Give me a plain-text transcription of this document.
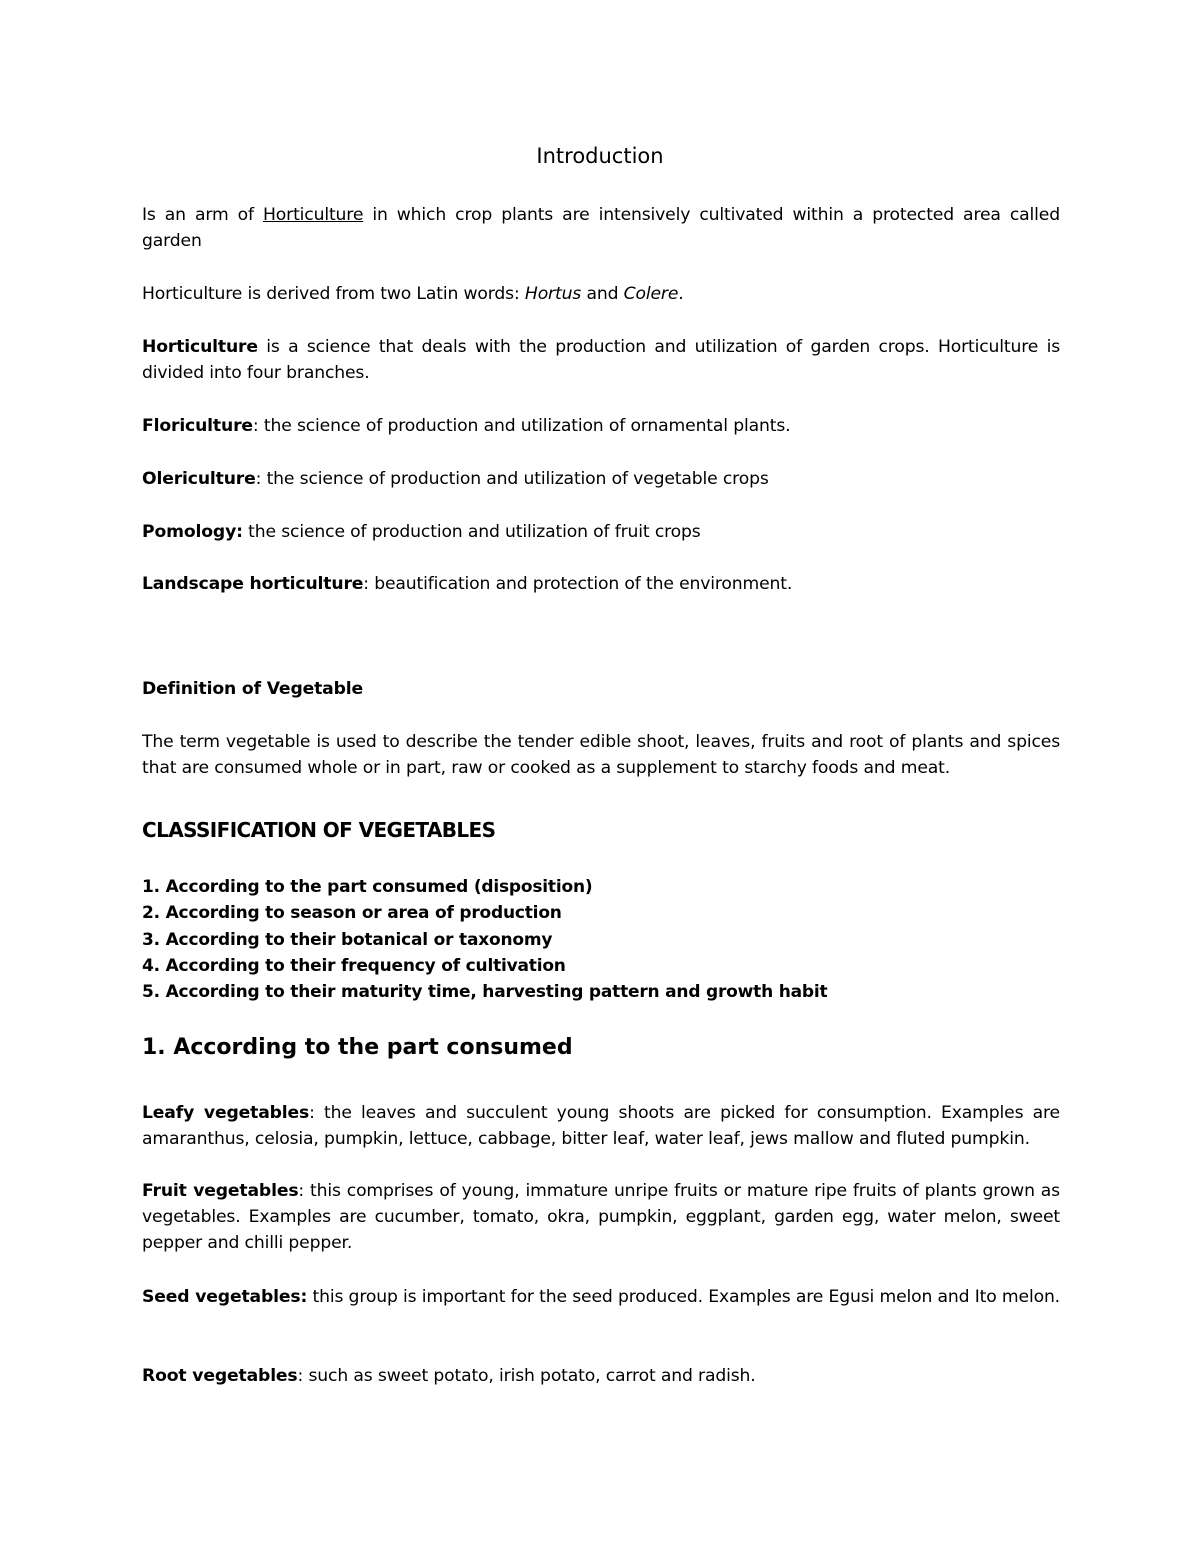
Introduction

Is an arm of Horticulture in which crop plants are intensively cultivated within a protected area called garden

Horticulture is derived from two Latin words: Hortus and Colere.

Horticulture is a science that deals with the production and utilization of garden crops. Horticulture is divided into four branches.

Floriculture: the science of production and utilization of ornamental plants.

Olericulture: the science of production and utilization of vegetable crops

Pomology: the science of production and utilization of fruit crops

Landscape horticulture: beautification and protection of the environment.

Definition of Vegetable

The term vegetable is used to describe the tender edible shoot, leaves, fruits and root of plants and spices that are consumed whole or in part, raw or cooked as a supplement to starchy foods and meat.

CLASSIFICATION OF VEGETABLES
1. According to the part consumed (disposition)
2. According to season or area of production
3. According to their botanical or taxonomy
4. According to their frequency of cultivation
5. According to their maturity time, harvesting pattern and growth habit
1. According to the part consumed

Leafy vegetables: the leaves and succulent young shoots are picked for consumption. Examples are amaranthus, celosia, pumpkin, lettuce, cabbage, bitter leaf, water leaf, jews mallow and fluted pumpkin.

Fruit vegetables: this comprises of young, immature unripe fruits or mature ripe fruits of plants grown as vegetables. Examples are cucumber, tomato, okra, pumpkin, eggplant, garden egg, water melon, sweet pepper and chilli pepper.

Seed vegetables: this group is important for the seed produced. Examples are Egusi melon and Ito melon.

Root vegetables: such as sweet potato, irish potato, carrot and radish.
